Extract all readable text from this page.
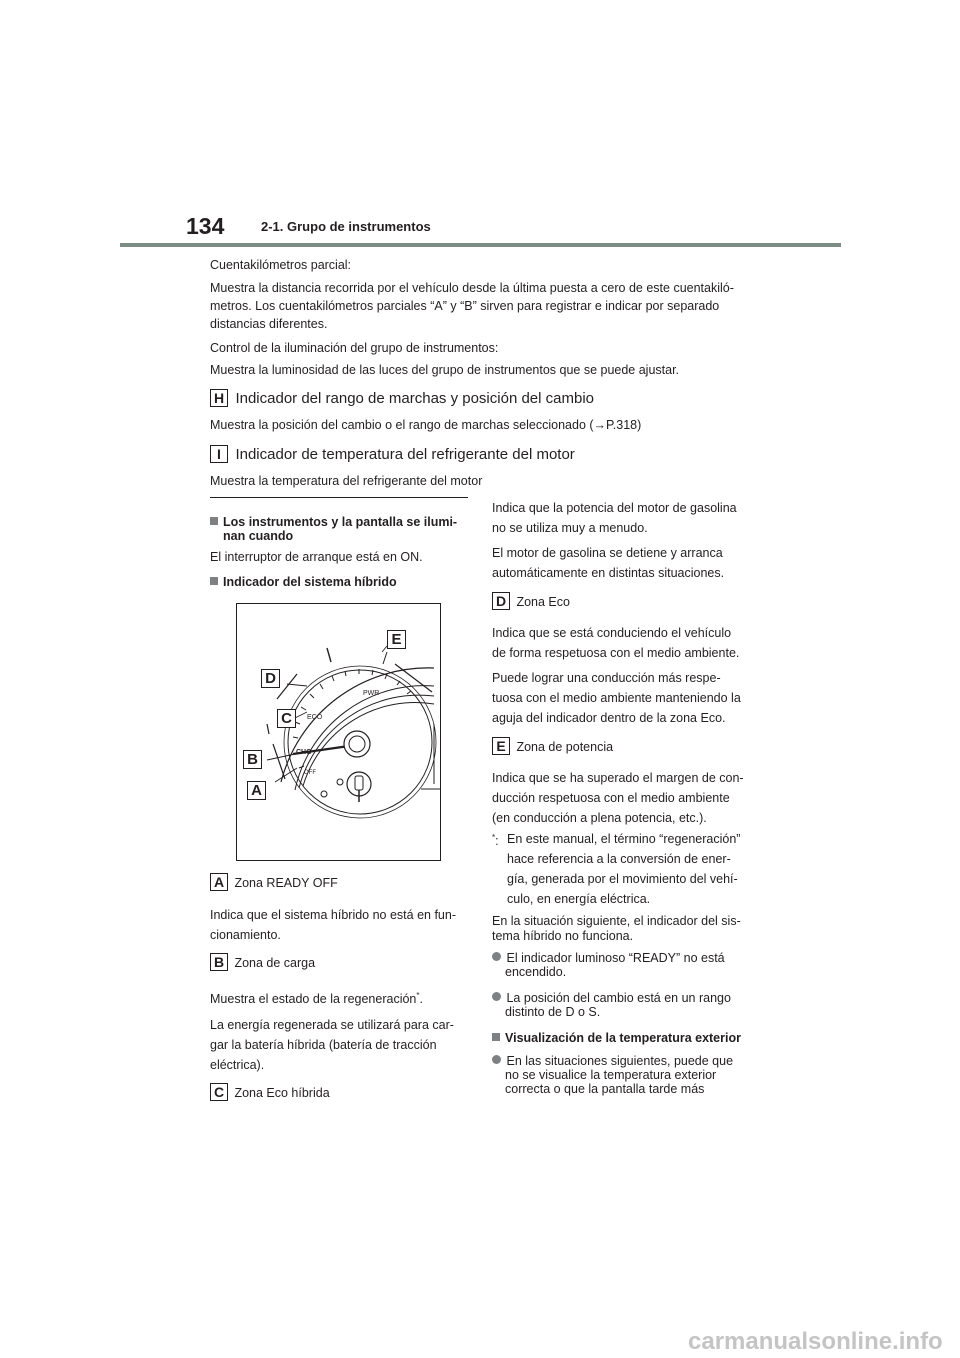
134	2-1. Grupo de instrumentos

Cuentakilómetros parcial:

Muestra la distancia recorrida por el vehículo desde la última puesta a cero de este cuentakiló-

metros. Los cuentakilómetros parciales “A” y “B” sirven para registrar e indicar por separado

distancias diferentes.

Control de la iluminación del grupo de instrumentos:

Muestra la luminosidad de las luces del grupo de instrumentos que se puede ajustar.

H Indicador del rango de marchas y posición del cambio

Muestra la posición del cambio o el rango de marchas seleccionado (→P.318)

I Indicador de temperatura del refrigerante del motor

Muestra la temperatura del refrigerante del motor

Los instrumentos y la pantalla se ilumi-
nan cuando

El interruptor de arranque está en ON.

Indicador del sistema híbrido
ECO
PWR
CHG
OFF
A
B
C
D
E
A Zona READY OFF

Indica que el sistema híbrido no está en fun-

cionamiento.

B Zona de carga

Muestra el estado de la regeneración*.

La energía regenerada se utilizará para car-

gar la batería híbrida (batería de tracción

eléctrica).

C Zona Eco híbrida

Indica que la potencia del motor de gasolina

no se utiliza muy a menudo.

El motor de gasolina se detiene y arranca

automáticamente en distintas situaciones.

D Zona Eco

Indica que se está conduciendo el vehículo

de forma respetuosa con el medio ambiente.

Puede lograr una conducción más respe-

tuosa con el medio ambiente manteniendo la

aguja del indicador dentro de la zona Eco.

E Zona de potencia

Indica que se ha superado el margen de con-

ducción respetuosa con el medio ambiente

(en conducción a plena potencia, etc.).

*: En este manual, el término “regeneración”

hace referencia a la conversión de ener-

gía, generada por el movimiento del vehí-

culo, en energía eléctrica.

En la situación siguiente, el indicador del sis-

tema híbrido no funciona.

El indicador luminoso “READY” no está
encendido.
La posición del cambio está en un rango
distinto de D o S.
Visualización de la temperatura exterior
En las situaciones siguientes, puede que
no se visualice la temperatura exterior
correcta o que la pantalla tarde más
carmanualsonline.info
